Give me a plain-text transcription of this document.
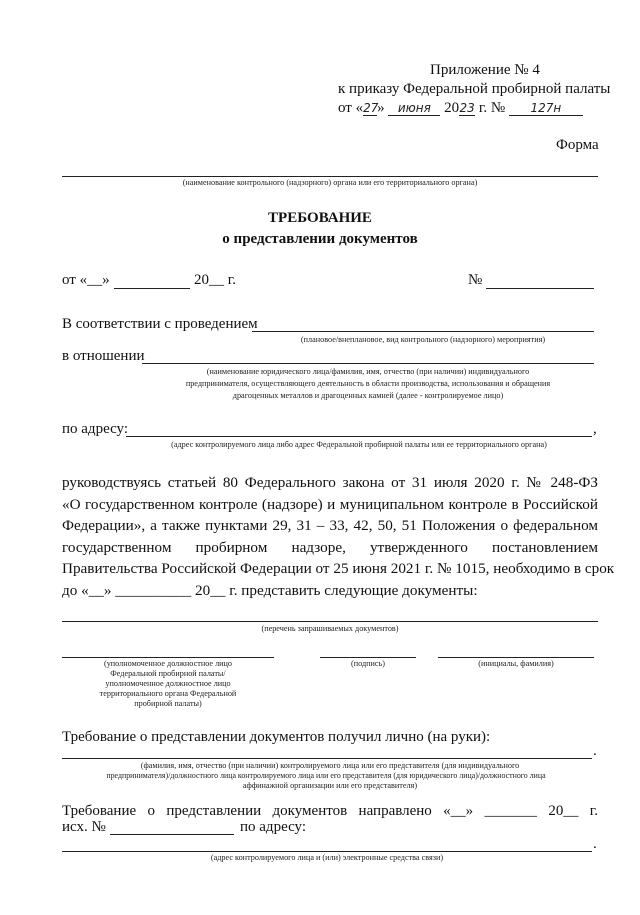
Приложение № 4
к приказу Федеральной пробирной палаты
от «27» июня 2023 г. № 127н
Форма
(наименование контрольного (надзорного) органа или его территориального органа)
ТРЕБОВАНИЕ
о представлении документов
от «__»	20__ г.	№
В соответствии с проведением
(плановое/внеплановое, вид контрольного (надзорного) мероприятия)
в отношении
(наименование юридического лица/фамилия, имя, отчество (при наличии) индивидуального
предпринимателя, осуществляющего деятельность в области производства, использования и обращения
драгоценных металлов и драгоценных камней (далее - контролируемое лицо)
по адресу:	,
(адрес контролируемого лица либо адрес Федеральной пробирной палаты или ее территориального органа)
руководствуясь статьей 80 Федерального закона от 31 июля 2020 г. № 248-ФЗ
«О государственном контроле (надзоре) и муниципальном контроле в Российской
Федерации», а также пунктами 29, 31 – 33, 42, 50, 51 Положения о федеральном
государственном пробирном надзоре, утвержденного постановлением
Правительства Российской Федерации от 25 июня 2021 г. № 1015, необходимо в срок
до «__» __________ 20__ г. представить следующие документы:
(перечень запрашиваемых документов)
(уполномоченное должностное лицо
Федеральной пробирной палаты/
уполномоченное должностное лицо
территориального органа Федеральной
пробирной палаты)
(подпись)	(инициалы, фамилия)
Требование о представлении документов получил лично (на руки):
.
(фамилия, имя, отчество (при наличии) контролируемого лица или его представителя (для индивидуального
предпринимателя)/должностного лица контролируемого лица или его представителя (для юридического лица)/должностного лица
аффинажной организации или его представителя)
Требование о представлении документов направлено «__» _______ 20__ г.
исх. №	по адресу:
.
(адрес контролируемого лица и (или) электронные средства связи)
